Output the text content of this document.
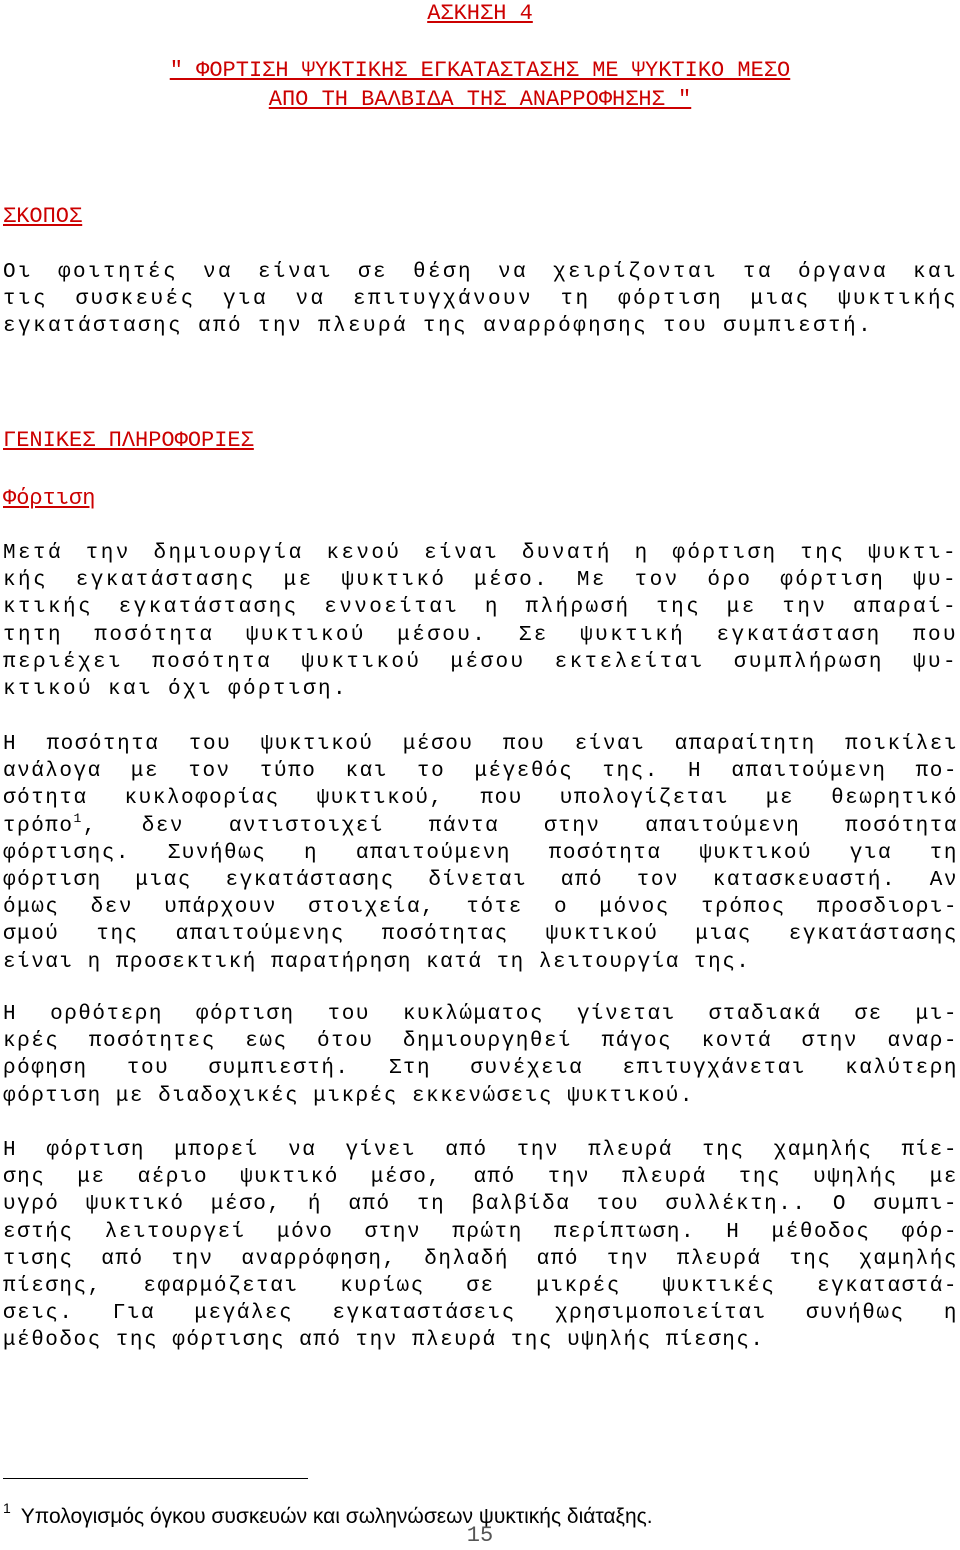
ΑΣΚΗΣΗ 4
" ΦΟΡΤΙΣΗ ΨΥΚΤΙΚΗΣ ΕΓΚΑΤΑΣΤΑΣΗΣ ΜΕ ΨΥΚΤΙΚΟ ΜΕΣΟ
ΑΠΟ ΤΗ ΒΑΛΒΙΔΑ ΤΗΣ ΑΝΑΡΡΟΦΗΣΗΣ "
ΣΚΟΠΟΣ
Οι φοιτητές να είναι σε θέση να χειρίζονται τα όργανα και
τις συσκευές για να επιτυγχάνουν τη φόρτιση μιας ψυκτικής
εγκατάστασης από την πλευρά της αναρρόφησης του συμπιεστή.
ΓΕΝΙΚΕΣ ΠΛΗΡΟΦΟΡΙΕΣ
Φόρτιση
Μετά την δημιουργία κενού είναι δυνατή η φόρτιση της ψυκτι-
κής εγκατάστασης με ψυκτικό μέσο. Με τον όρο φόρτιση ψυ-
κτικής εγκατάστασης εννοείται η πλήρωσή της με την απαραί-
τητη ποσότητα ψυκτικού μέσου. Σε ψυκτική εγκατάσταση που
περιέχει ποσότητα ψυκτικού μέσου εκτελείται συμπλήρωση ψυ-
κτικού και όχι φόρτιση.
Η ποσότητα του ψυκτικού μέσου που είναι απαραίτητη ποικίλει
ανάλογα με τον τύπο και το μέγεθός της. Η απαιτούμενη πο-
σότητα κυκλοφορίας ψυκτικού, που υπολογίζεται με θεωρητικό
τρόπο$^1$, δεν αντιστοιχεί πάντα στην απαιτούμενη ποσότητα
φόρτισης. Συνήθως η απαιτούμενη ποσότητα ψυκτικού για τη
φόρτιση μιας εγκατάστασης δίνεται από τον κατασκευαστή. Αν
όμως δεν υπάρχουν στοιχεία, τότε ο μόνος τρόπος προσδιορι-
σμού της απαιτούμενης ποσότητας ψυκτικού μιας εγκατάστασης
είναι η προσεκτική παρατήρηση κατά τη λειτουργία της.
Η ορθότερη φόρτιση του κυκλώματος γίνεται σταδιακά σε μι-
κρές ποσότητες εως ότου δημιουργηθεί πάγος κοντά στην αναρ-
ρόφηση του συμπιεστή. Στη συνέχεια επιτυγχάνεται καλύτερη
φόρτιση με διαδοχικές μικρές εκκενώσεις ψυκτικού.
Η φόρτιση μπορεί να γίνει από την πλευρά της χαμηλής πίε-
σης με αέριο ψυκτικό μέσο, από την πλευρά της υψηλής με
υγρό ψυκτικό μέσο, ή από τη βαλβίδα του συλλέκτη.. Ο συμπι-
εστής λειτουργεί μόνο στην πρώτη περίπτωση. Η μέθοδος φόρ-
τισης από την αναρρόφηση, δηλαδή από την πλευρά της χαμηλής
πίεσης, εφαρμόζεται κυρίως σε μικρές ψυκτικές εγκαταστά-
σεις. Για μεγάλες εγκαταστάσεις χρησιμοποιείται συνήθως η
μέθοδος της φόρτισης από την πλευρά της υψηλής πίεσης.
$^1$ Υπολογισμός όγκου συσκευών και σωληνώσεων ψυκτικής διάταξης.
15
